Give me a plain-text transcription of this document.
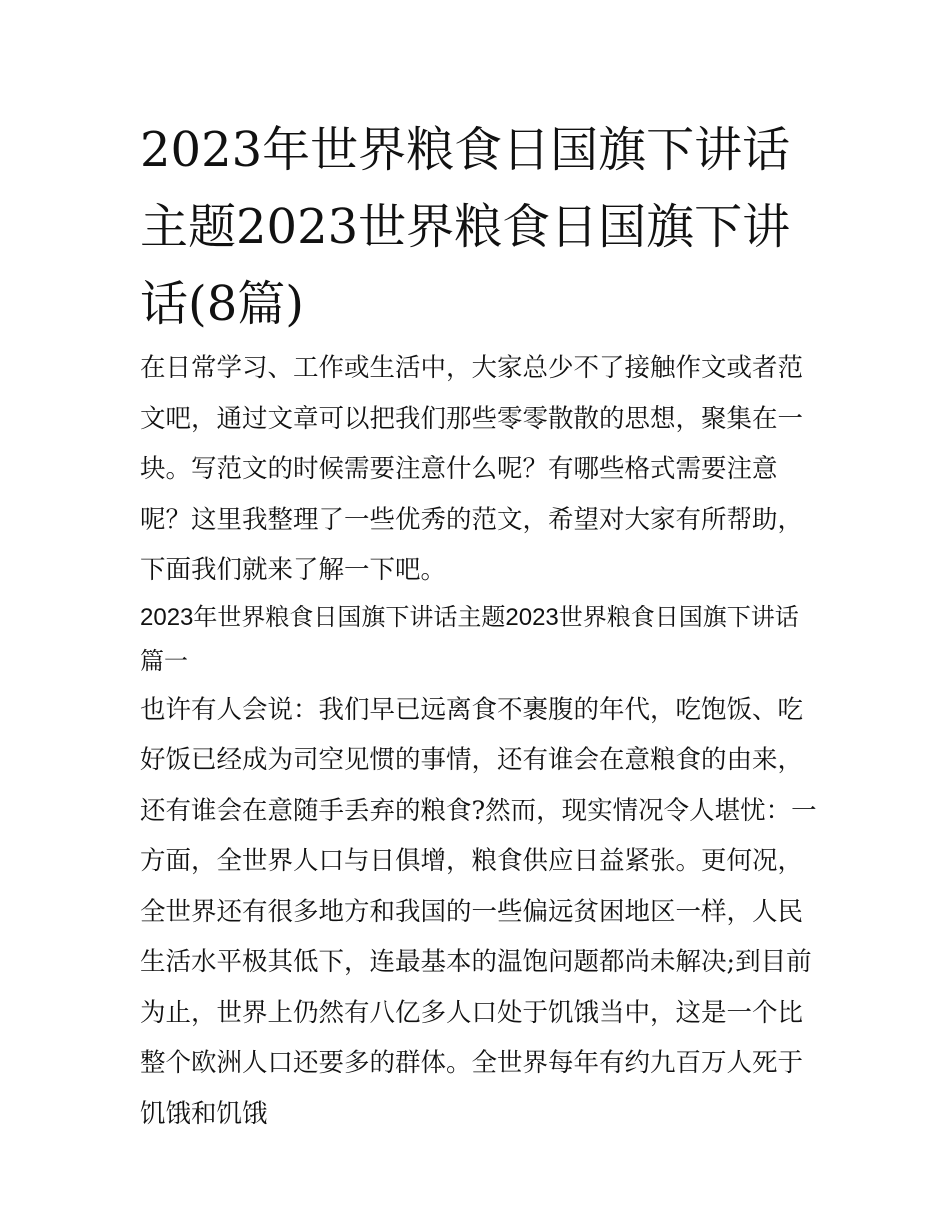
2023年世界粮食日国旗下讲话主题2023世界粮食日国旗下讲话(8篇)

在日常学习、工作或生活中，大家总少不了接触作文或者范文吧，通过文章可以把我们那些零零散散的思想，聚集在一块。写范文的时候需要注意什么呢？有哪些格式需要注意呢？这里我整理了一些优秀的范文，希望对大家有所帮助，下面我们就来了解一下吧。

2023年世界粮食日国旗下讲话主题2023世界粮食日国旗下讲话篇一

也许有人会说：我们早已远离食不裹腹的年代，吃饱饭、吃好饭已经成为司空见惯的事情，还有谁会在意粮食的由来，还有谁会在意随手丢弃的粮食?然而，现实情况令人堪忧：一方面，全世界人口与日俱增，粮食供应日益紧张。更何况，全世界还有很多地方和我国的一些偏远贫困地区一样，人民生活水平极其低下，连最基本的温饱问题都尚未解决;到目前为止，世界上仍然有八亿多人口处于饥饿当中，这是一个比整个欧洲人口还要多的群体。全世界每年有约九百万人死于饥饿和饥饿
